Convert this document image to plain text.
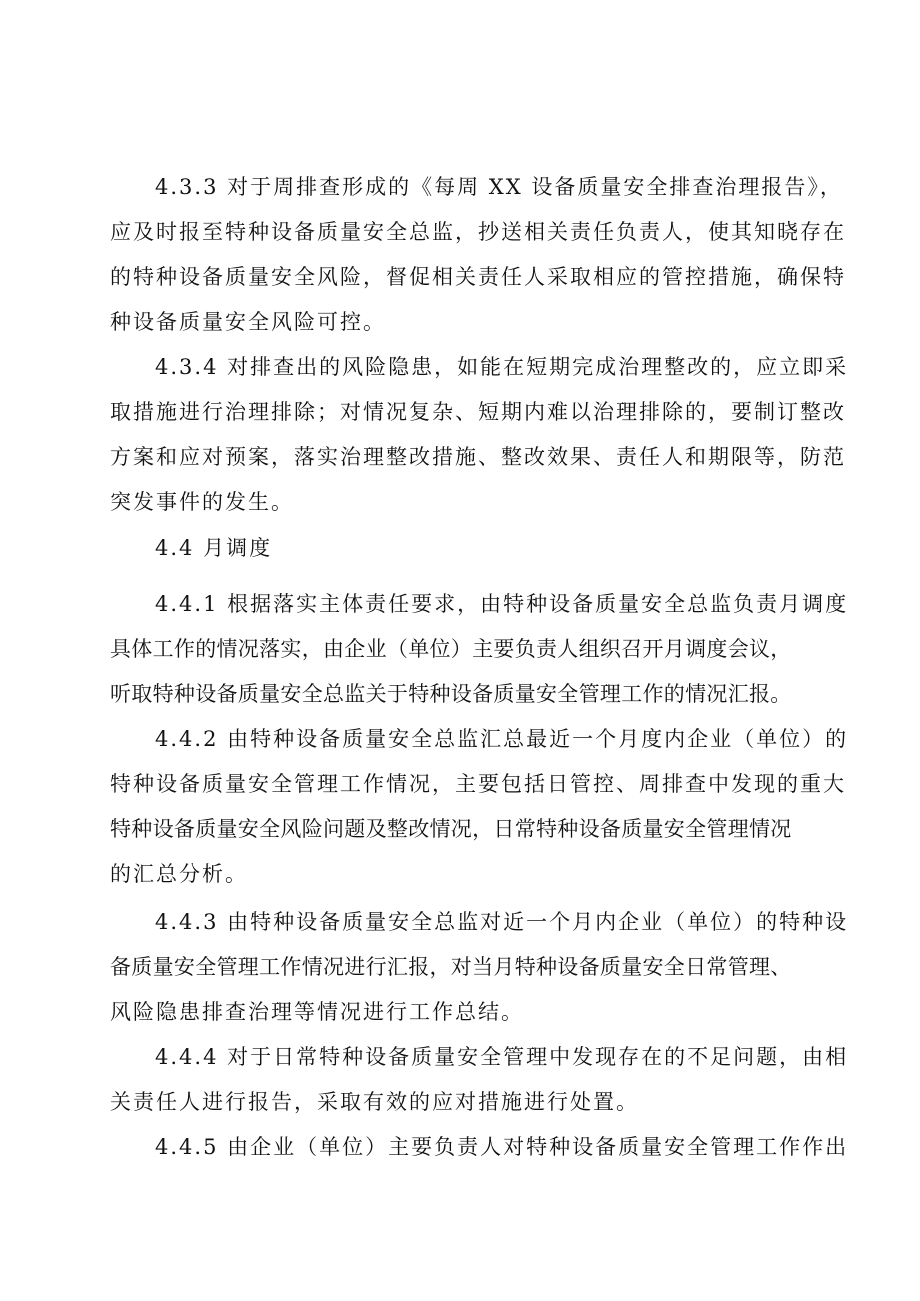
4.3.3 对于周排查形成的《每周 XX 设备质量安全排查治理报告》，
应及时报至特种设备质量安全总监，抄送相关责任负责人，使其知晓存在
的特种设备质量安全风险，督促相关责任人采取相应的管控措施，确保特
种设备质量安全风险可控。
4.3.4 对排查出的风险隐患，如能在短期完成治理整改的，应立即采
取措施进行治理排除；对情况复杂、短期内难以治理排除的，要制订整改
方案和应对预案，落实治理整改措施、整改效果、责任人和期限等，防范
突发事件的发生。
4.4 月调度
4.4.1 根据落实主体责任要求，由特种设备质量安全总监负责月调度
具体工作的情况落实，由企业（单位）主要负责人组织召开月调度会议，
听取特种设备质量安全总监关于特种设备质量安全管理工作的情况汇报。
4.4.2 由特种设备质量安全总监汇总最近一个月度内企业（单位）的
特种设备质量安全管理工作情况，主要包括日管控、周排查中发现的重大
特种设备质量安全风险问题及整改情况，日常特种设备质量安全管理情况
的汇总分析。
4.4.3 由特种设备质量安全总监对近一个月内企业（单位）的特种设
备质量安全管理工作情况进行汇报，对当月特种设备质量安全日常管理、
风险隐患排查治理等情况进行工作总结。
4.4.4 对于日常特种设备质量安全管理中发现存在的不足问题，由相
关责任人进行报告，采取有效的应对措施进行处置。
4.4.5 由企业（单位）主要负责人对特种设备质量安全管理工作作出
